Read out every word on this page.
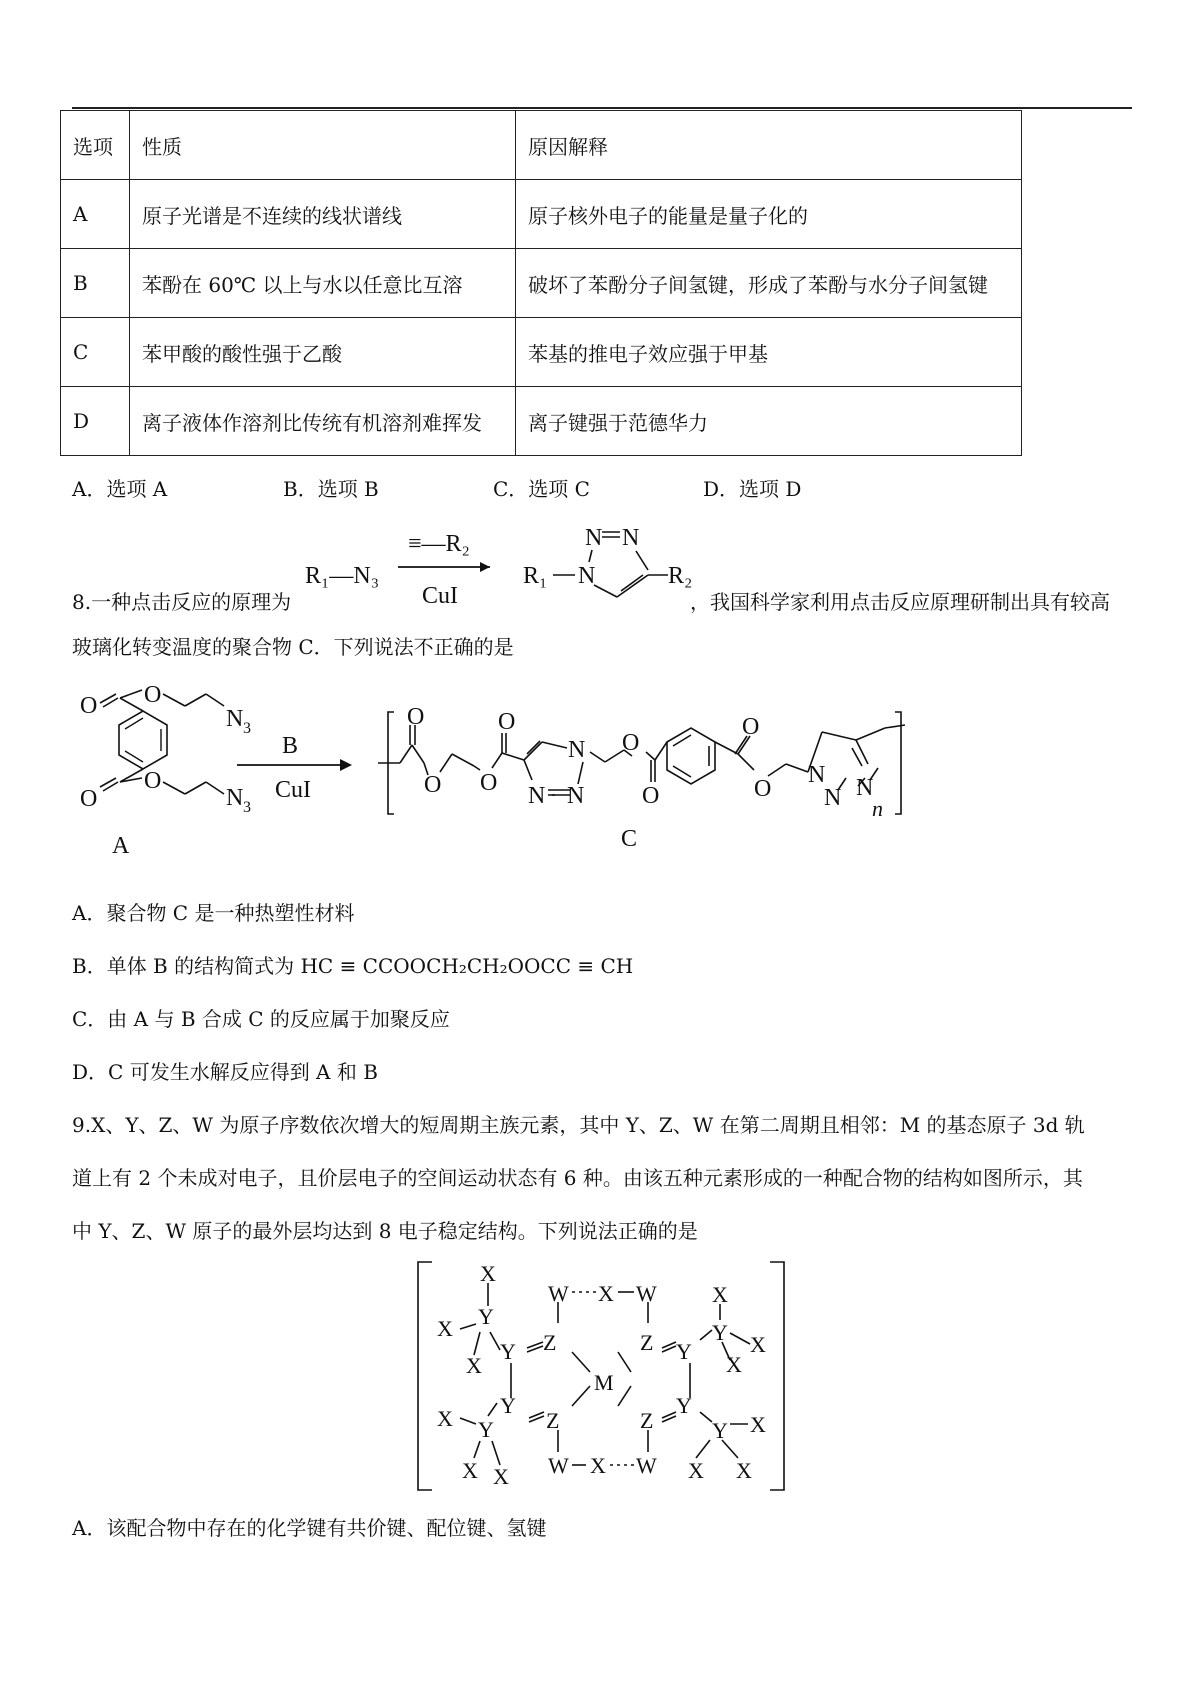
选项	性质	原因解释
A	原子光谱是不连续的线状谱线	原子核外电子的能量是量子化的
B	苯酚在 60℃ 以上与水以任意比互溶	破坏了苯酚分子间氢键，形成了苯酚与水分子间氢键
C	苯甲酸的酸性强于乙酸	苯基的推电子效应强于甲基
D	离子液体作溶剂比传统有机溶剂难挥发	离子键强于范德华力
A．选项 A	B．选项 B	C．选项 C	D．选项 D
8.一种点击反应的原理为	，我国科学家利用点击反应原理研制出具有较高
玻璃化转变温度的聚合物 C．下列说法不正确的是
R₁—N₃
≡—R₂
CuI
R₁ N
N N
R₂
O O
N 3
O
O
N 3
A
B
CuI
O
O O
O
N
N N
O
O
O
O
N
N N
n
C
A．聚合物 C 是一种热塑性材料
B．单体 B 的结构简式为 HC ≡ CCOOCH₂CH₂OOCC ≡ CH
C．由 A 与 B 合成 C 的反应属于加聚反应
D．C 可发生水解反应得到 A 和 B
9.X、Y、Z、W 为原子序数依次增大的短周期主族元素，其中 Y、Z、W 在第二周期且相邻：M 的基态原子 3d 轨
道上有 2 个未成对电子，且价层电子的空间运动状态有 6 种。由该五种元素形成的一种配合物的结构如图所示，其
中 Y、Z、W 原子的最外层均达到 8 电子稳定结构。下列说法正确的是
X
X Y
X
Y Z
W X W
M
Y
Z
X Y
X X W X W
Z Y
X
Y X
X
Z
Y
Y X
X X
A．该配合物中存在的化学键有共价键、配位键、氢键
